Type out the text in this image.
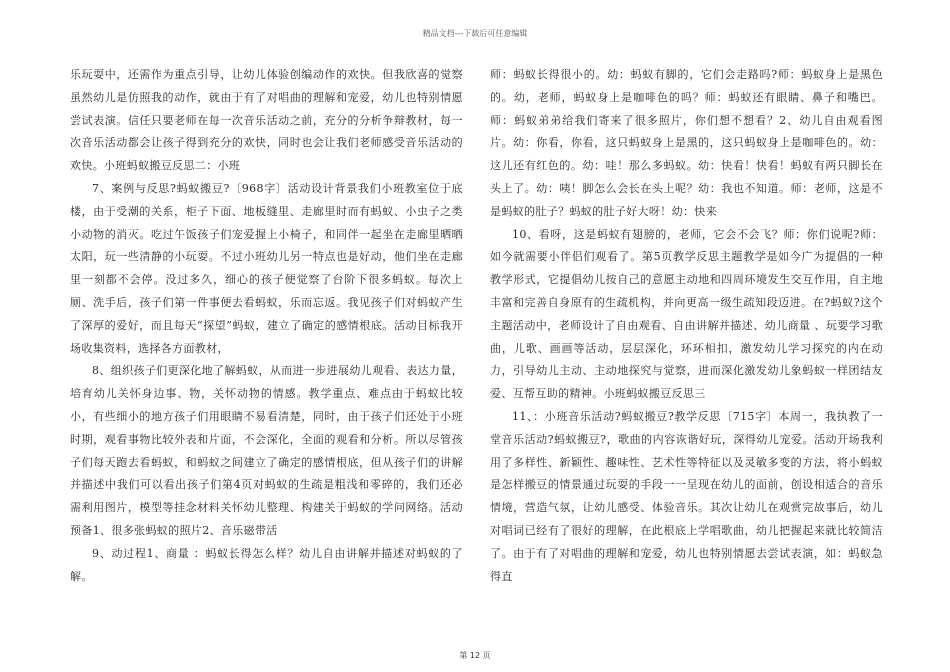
精品文档---下载后可任意编辑

乐玩耍中，还需作为重点引导，让幼儿体验创编动作的欢快。但我欣喜的觉察虽然幼儿是仿照我的动作，就由于有了对唱曲的理解和宠爱，幼儿也特别情愿尝试表演。信任只要老师在每一次音乐活动之前，充分的分析争辩教材，每一次音乐活动都会让孩子得到充分的欢快，同时也会让我们老师感受音乐活动的欢快。小班蚂蚁搬豆反思二：小班

7、案例与反思?蚂蚁搬豆?〔968字〕活动设计背景我们小班教室位于底楼，由于受潮的关系，柜子下面、地板缝里、走廊里时而有蚂蚁、小虫子之类小动物的消灭。吃过午饭孩子们宠爱握上小椅子，和同伴一起坐在走廊里晒晒太阳，玩一些清静的小玩耍。不过小班幼儿另一特点也是好动，他们坐在走廊里一刻都不会停。没过多久，细心的孩子便觉察了台阶下很多蚂蚁。每次上厕、洗手后，孩子们第一件事便去看蚂蚁，乐而忘返。我见孩子们对蚂蚁产生了深厚的爱好，而且每天“探望”蚂蚁，建立了确定的感情根底。活动目标我开场收集资料，选择各方面教材，

8、组织孩子们更深化地了解蚂蚁，从而进一步进展幼儿观看、表达力量，培育幼儿关怀身边事、物，关怀动物的情感。教学重点、难点由于蚂蚁比较小，有些细小的地方孩子们用眼睛不易看清楚，同时，由于孩子们还处于小班时期，观看事物比较外表和片面，不会深化，全面的观看和分析。所以尽管孩子们每天跑去看蚂蚁，和蚂蚁之间建立了确定的感情根底，但从孩子们的讲解并描述中我们可以看出孩子们第4页对蚂蚁的生疏是粗浅和零碎的，我们还必需利用图片，模型等挂念材料关怀幼儿整理、构建关于蚂蚁的学问网络。活动预备1、很多张蚂蚁的照片2、音乐磁带活

9、动过程1、商量 ：蚂蚁长得怎么样？幼儿自由讲解并描述对蚂蚁的了解。

师：蚂蚁长得很小的。幼：蚂蚁有脚的，它们会走路吗?师：蚂蚁身上是黑色的。幼，老师，蚂蚁身上是咖啡色的吗？师：蚂蚁还有眼睛、鼻子和嘴巴。师：蚂蚁弟弟给我们寄来了很多照片，你们想不想看？2、幼儿自由观看图片。幼：你看，你看，这只蚂蚁身上是黑的，这只蚂蚁身上是咖啡色的。幼：这儿还有红色的。幼：哇！那么多蚂蚁。幼：快看！快看！蚂蚁有两只脚长在头上了。幼：咦！脚怎么会长在头上呢？幼：我也不知道。师：老师，这是不是蚂蚁的肚子？蚂蚁的肚子好大呀！幼：快来

10、看呀，这是蚂蚁有翅膀的，老师，它会不会飞？师：你们说呢?师：如今就需要小伴侣们观看了。第5页教学反思主题教学是如今广为提倡的一种教学形式，它提倡幼儿按自己的意愿主动地和四周环境发生交互作用，自主地丰富和完善自身原有的生疏机构，并向更高一级生疏知段迈进。在?蚂蚁?这个主题活动中，老师设计了自由观看、自由讲解并描述、幼儿商量 、玩要学习歌曲，儿歌、画画等活动，层层深化，环环相扣，激发幼儿学习探究的内在动力，引导幼儿主动、主动地探究与觉察，进而深化激发幼儿象蚂蚁一样团结友爱、互帮互助的精神。小班蚂蚁搬豆反思三

11、：小班音乐活动?蚂蚁搬豆?教学反思〔715字〕本周一，我执教了一堂音乐活动?蚂蚁搬豆?，歌曲的内容诙谐好玩，深得幼儿宠爱。活动开场我利用了多样性、新颖性、趣味性、艺术性等特征以及灵敏多变的方法，将小蚂蚁是怎样搬豆的情景通过玩耍的手段一一呈现在幼儿的面前，创设相适合的音乐情境，营造气氛，让幼儿感受、体验音乐。其次让幼儿在观赏完故事后，幼儿对唱词已经有了很好的理解，在此根底上学唱歌曲，幼儿把握起来就比较简洁了。由于有了对唱曲的理解和宠爱，幼儿也特别情愿去尝试表演，如：蚂蚁急得直

第 12 页
